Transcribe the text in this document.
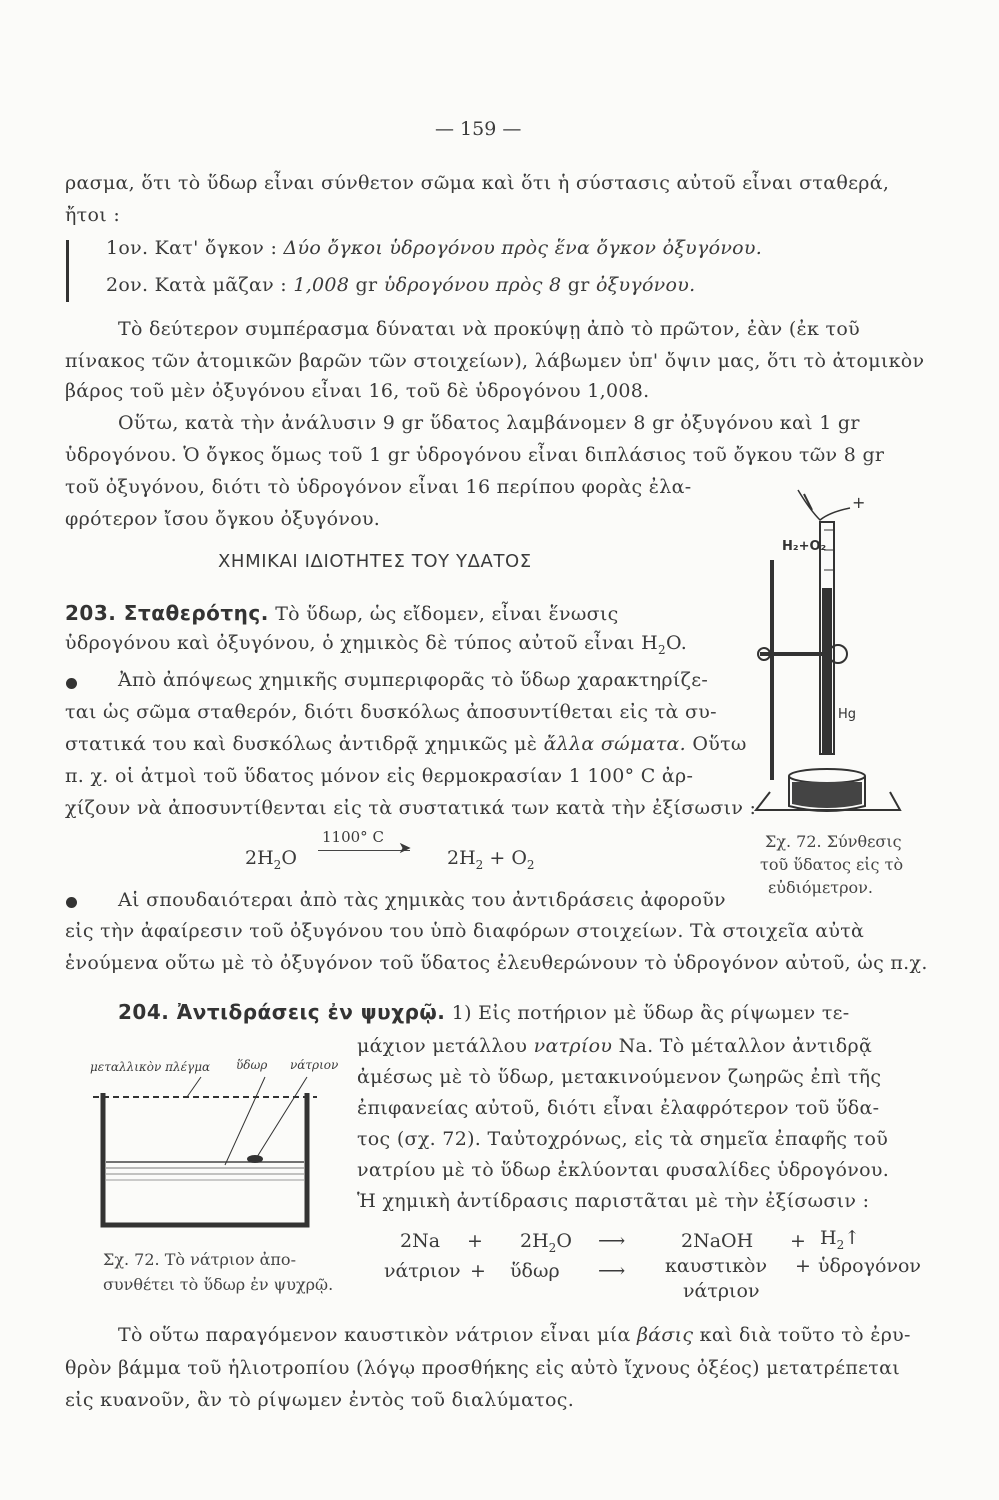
— 159 —
ρασμα, ὅτι τὸ ὕδωρ εἶναι σύνθετον σῶμα καὶ ὅτι ἡ σύστασις αὐτοῦ εἶναι σταθερά,
ἤτοι :
1ον. Κατ' ὄγκον : Δύο ὄγκοι ὑδρογόνου πρὸς ἕνα ὄγκον ὀξυγόνου.
2ον. Κατὰ μᾶζαν : 1,008 gr ὑδρογόνου πρὸς 8 gr ὀξυγόνου.
Τὸ δεύτερον συμπέρασμα δύναται νὰ προκύψῃ ἀπὸ τὸ πρῶτον, ἐὰν (ἐκ τοῦ
πίνακος τῶν ἀτομικῶν βαρῶν τῶν στοιχείων), λάβωμεν ὑπ' ὄψιν μας, ὅτι τὸ ἀτομικὸν
βάρος τοῦ μὲν ὀξυγόνου εἶναι 16, τοῦ δὲ ὑδρογόνου 1,008.
Οὕτω, κατὰ τὴν ἀνάλυσιν 9 gr ὕδατος λαμβάνομεν 8 gr ὀξυγόνου καὶ 1 gr
ὑδρογόνου. Ὁ ὄγκος ὅμως τοῦ 1 gr ὑδρογόνου εἶναι διπλάσιος τοῦ ὄγκου τῶν 8 gr
τοῦ ὀξυγόνου, διότι τὸ ὑδρογόνον εἶναι 16 περίπου φορὰς ἐλα-
φρότερον ἴσου ὄγκου ὀξυγόνου.
ΧΗΜΙΚΑΙ ΙΔΙΟΤΗΤΕΣ ΤΟΥ ΥΔΑΤΟΣ
203. Σταθερότης. Τὸ ὕδωρ, ὡς εἴδομεν, εἶναι ἕνωσις
ὑδρογόνου καὶ ὀξυγόνου, ὁ χημικὸς δὲ τύπος αὐτοῦ εἶναι $H_2O$.
Ἀπὸ ἀπόψεως χημικῆς συμπεριφορᾶς τὸ ὕδωρ χαρακτηρίζε-
ται ὡς σῶμα σταθερόν, διότι δυσκόλως ἀποσυντίθεται εἰς τὰ συ-
στατικά του καὶ δυσκόλως ἀντιδρᾷ χημικῶς μὲ ἄλλα σώματα. Οὕτω
π. χ. οἱ ἀτμοὶ τοῦ ὕδατος μόνον εἰς θερμοκρασίαν 1 100° C ἀρ-
χίζουν νὰ ἀποσυντίθενται εἰς τὰ συστατικά των κατὰ τὴν ἐξίσωσιν :
$2H_2O$
1100° C
➤ $2H_2 + O_2$
+
H₂+O₂
Hg
Σχ. 72. Σύνθεσις
τοῦ ὕδατος εἰς τὸ
εὐδιόμετρον.
Αἱ σπουδαιότεραι ἀπὸ τὰς χημικὰς του ἀντιδράσεις ἀφοροῦν
εἰς τὴν ἀφαίρεσιν τοῦ ὀξυγόνου του ὑπὸ διαφόρων στοιχείων. Τὰ στοιχεῖα αὐτὰ
ἑνούμενα οὕτω μὲ τὸ ὀξυγόνον τοῦ ὕδατος ἐλευθερώνουν τὸ ὑδρογόνον αὐτοῦ, ὡς π.χ.
204. Ἀντιδράσεις ἐν ψυχρῷ. 1) Εἰς ποτήριον μὲ ὕδωρ ἂς ρίψωμεν τε-
μάχιον μετάλλου νατρίου Na. Τὸ μέταλλον ἀντιδρᾷ
ἀμέσως μὲ τὸ ὕδωρ, μετακινούμενον ζωηρῶς ἐπὶ τῆς
ἐπιφανείας αὐτοῦ, διότι εἶναι ἐλαφρότερον τοῦ ὕδα-
τος (σχ. 72). Ταὐτοχρόνως, εἰς τὰ σημεῖα ἐπαφῆς τοῦ
νατρίου μὲ τὸ ὕδωρ ἐκλύονται φυσαλίδες ὑδρογόνου.
Ἡ χημικὴ ἀντίδρασις παριστᾶται μὲ τὴν ἐξίσωσιν :
μεταλλικὸν πλέγμα ὕδωρ νάτριον
Σχ. 72. Τὸ νάτριον ἀπο-
συνθέτει τὸ ὕδωρ ἐν ψυχρῷ.
$2Na + 2H_2O$ ⟶	2NaOH + $H_2↑$
νάτριον + ὕδωρ ⟶ καυστικὸν
νάτριον
+ ὑδρογόνον
Τὸ οὕτω παραγόμενον καυστικὸν νάτριον εἶναι μία βάσις καὶ διὰ τοῦτο τὸ ἐρυ-
θρὸν βάμμα τοῦ ἡλιοτροπίου (λόγῳ προσθήκης εἰς αὐτὸ ἴχνους ὀξέος) μετατρέπεται
εἰς κυανοῦν, ἂν τὸ ρίψωμεν ἐντὸς τοῦ διαλύματος.
